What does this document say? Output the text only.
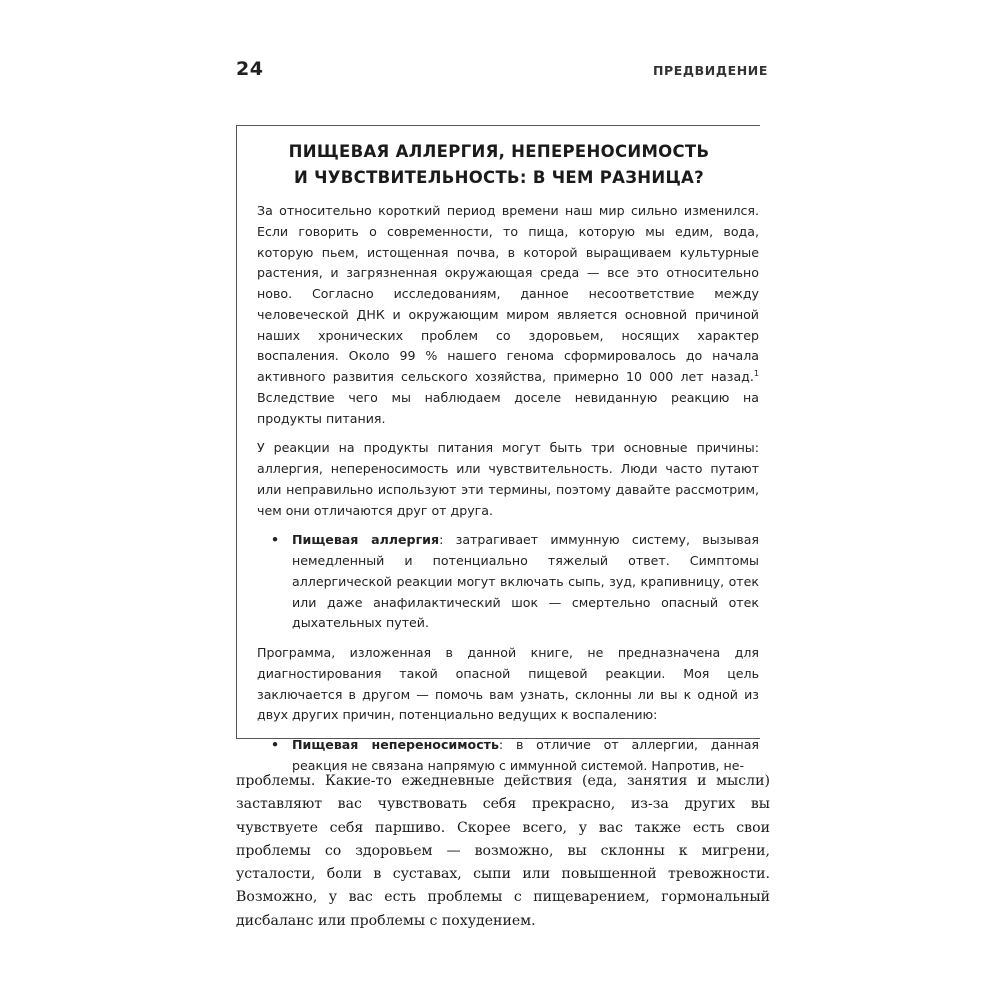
24	ПРЕДВИДЕНИЕ
ПИЩЕВАЯ АЛЛЕРГИЯ, НЕПЕРЕНОСИМОСТЬ
И ЧУВСТВИТЕЛЬНОСТЬ: В ЧЕМ РАЗНИЦА?

За относительно короткий период времени наш мир сильно изменился. Если говорить о современности, то пища, которую мы едим, вода, которую пьем, истощенная почва, в которой выращиваем культурные растения, и загрязненная окружающая среда — все это относительно ново. Согласно исследованиям, данное несоответствие между человеческой ДНК и окружающим миром является основной причиной наших хронических проблем со здоровьем, носящих характер воспаления. Около 99 % нашего генома сформировалось до начала активного развития сельского хозяйства, примерно 10 000 лет назад.$^1$ Вследствие чего мы наблюдаем доселе невиданную реакцию на продукты питания.

У реакции на продукты питания могут быть три основные причины: аллергия, непереносимость или чувствительность. Люди часто путают или неправильно используют эти термины, поэтому давайте рассмотрим, чем они отличаются друг от друга.

• Пищевая аллергия: затрагивает иммунную систему, вызывая немедленный и потенциально тяжелый ответ. Симптомы аллергической реакции могут включать сыпь, зуд, крапивницу, отек или даже анафилактический шок — смертельно опасный отек дыхательных путей.

Программа, изложенная в данной книге, не предназначена для диагностирования такой опасной пищевой реакции. Моя цель заключается в другом — помочь вам узнать, склонны ли вы к одной из двух других причин, потенциально ведущих к воспалению:

• Пищевая непереносимость: в отличие от аллергии, данная реакция не связана напрямую с иммунной системой. Напротив, не-

проблемы. Какие-то ежедневные действия (еда, занятия и мысли) заставляют вас чувствовать себя прекрасно, из-за других вы чувствуете себя паршиво. Скорее всего, у вас также есть свои проблемы со здоровьем — возможно, вы склонны к мигрени, усталости, боли в суставах, сыпи или повышенной тревожности. Возможно, у вас есть проблемы с пищеварением, гормональный дисбаланс или проблемы с похудением.
